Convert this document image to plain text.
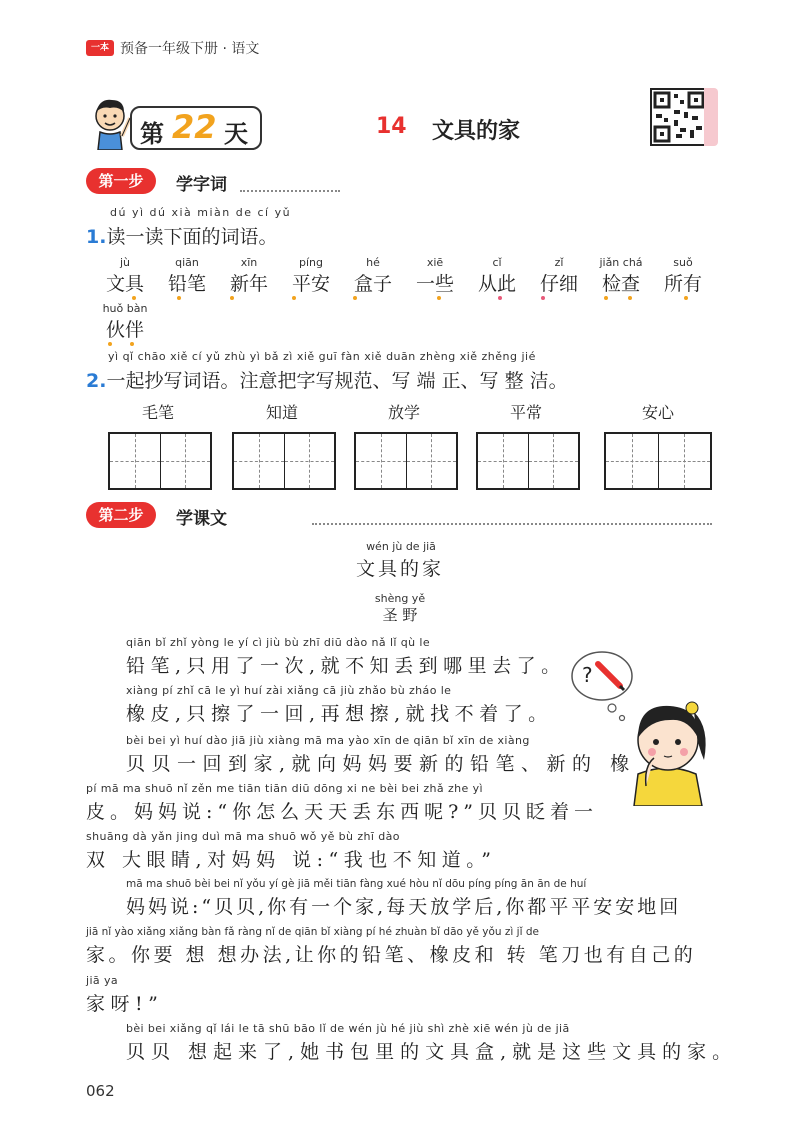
一本 预备一年级下册 · 语文
第 22 天	14 文具的家
第一步	学字词
dú yì dú xià miàn de cí yǔ
1.读一读下面的词语。
jù
文具
qiān
铅笔
xīn
新年
píng
平安
hé
盒子
xiē
一些
cǐ
从此
zǐ
仔细
jiǎn chá
检查
suǒ
所有
huǒ bàn
伙伴
yì qǐ chāo xiě cí yǔ zhù yì bǎ zì xiě guī fàn xiě duān zhèng xiě zhěng jié
2.一起抄写词语。注意把字写规范、写 端 正、写 整 洁。
毛笔	知道	放学	平常	安心
第二步	学课文
wén jù de jiā
文具的家
shèng yě
圣 野
qiān bǐ zhǐ yòng le yí cì jiù bù zhī diū dào nǎ lǐ qù le
铅笔,只用了一次,就不知丢到哪里去了。
xiàng pí zhǐ cā le yì huí zài xiǎng cā jiù zhǎo bù zháo le
橡皮,只擦了一回,再想擦,就找不着了。
bèi bei yì huí dào jiā jiù xiàng mā ma yào xīn de qiān bǐ xīn de xiàng
贝贝一回到家,就向妈妈要新的铅笔、新的 橡
pí mā ma shuō nǐ zěn me tiān tiān diū dōng xi ne bèi bei zhǎ zhe yì
皮。妈妈说:“你怎么天天丢东西呢?”贝贝眨着一
shuāng dà yǎn jing duì mā ma shuō wǒ yě bù zhī dào
双 大眼睛,对妈妈 说:“我也不知道。”
mā ma shuō bèi bei nǐ yǒu yí gè jiā měi tiān fàng xué hòu nǐ dōu píng píng ān ān de huí
妈妈说:“贝贝,你有一个家,每天放学后,你都平平安安地回
jiā nǐ yào xiǎng xiǎng bàn fǎ ràng nǐ de qiān bǐ xiàng pí hé zhuàn bǐ dāo yě yǒu zì jǐ de
家。你要 想 想办法,让你的铅笔、橡皮和 转 笔刀也有自己的
jiā ya
家呀!”
bèi bei xiǎng qǐ lái le tā shū bāo lǐ de wén jù hé jiù shì zhè xiē wén jù de jiā
贝贝 想起来了,她书包里的文具盒,就是这些文具的家。
?
062
